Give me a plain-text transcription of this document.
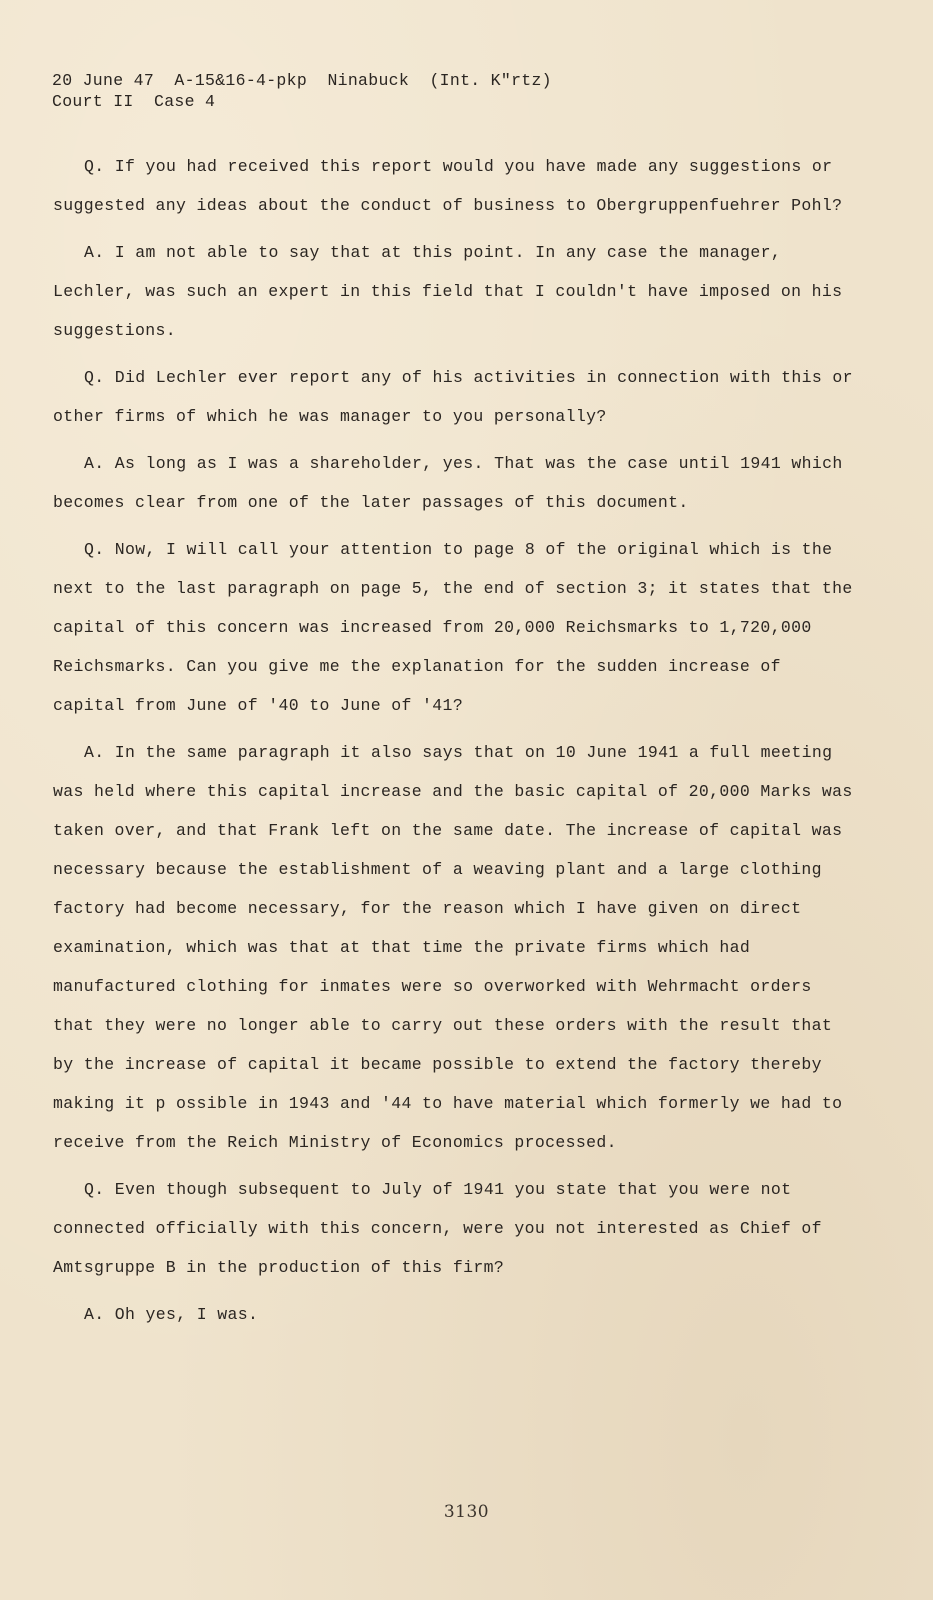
20 June 47  A-15&16-4-pkp  Ninabuck  (Int. K"rtz)
Court II  Case 4

Q. If you had received this report would you have made any suggestions or suggested any ideas about the conduct of business to Obergruppenfuehrer Pohl?

A. I am not able to say that at this point. In any case the manager, Lechler, was such an expert in this field that I couldn't have imposed on his suggestions.

Q. Did Lechler ever report any of his activities in connection with this or other firms of which he was manager to you personally?

A. As long as I was a shareholder, yes. That was the case until 1941 which becomes clear from one of the later passages of this document.

Q. Now, I will call your attention to page 8 of the original which is the next to the last paragraph on page 5, the end of section 3; it states that the capital of this concern was increased from 20,000 Reichsmarks to 1,720,000 Reichsmarks. Can you give me the explanation for the sudden increase of capital from June of '40 to June of '41?

A. In the same paragraph it also says that on 10 June 1941 a full meeting was held where this capital increase and the basic capital of 20,000 Marks was taken over, and that Frank left on the same date. The increase of capital was necessary because the establishment of a weaving plant and a large clothing factory had become necessary, for the reason which I have given on direct examination, which was that at that time the private firms which had manufactured clothing for inmates were so overworked with Wehrmacht orders that they were no longer able to carry out these orders with the result that by the increase of capital it became possible to extend the factory thereby making it p ossible in 1943 and '44 to have material which formerly we had to receive from the Reich Ministry of Economics processed.

Q. Even though subsequent to July of 1941 you state that you were not connected officially with this concern, were you not interested as Chief of Amtsgruppe B in the production of this firm?

A. Oh yes, I was.

3130
